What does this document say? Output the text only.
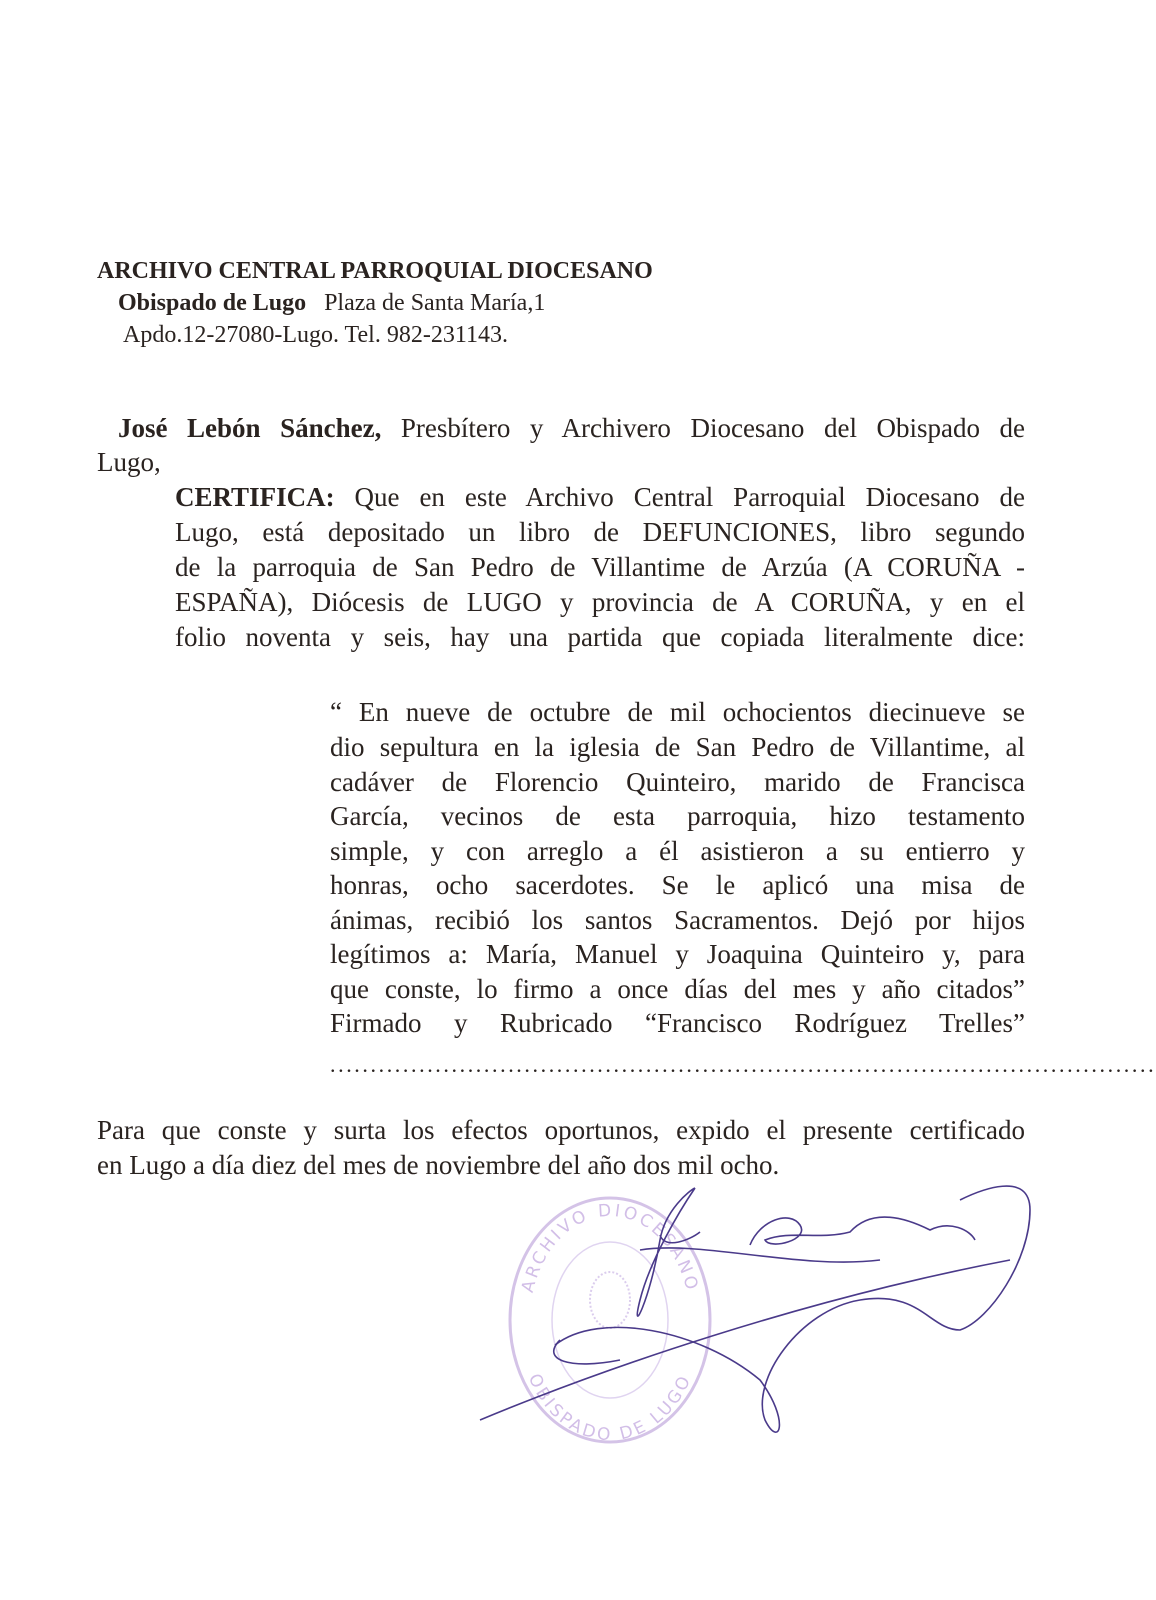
ARCHIVO CENTRAL PARROQUIAL DIOCESANO
Obispado de Lugo Plaza de Santa María,1
Apdo.12-27080-Lugo. Tel. 982-231143.
José Lebón Sánchez, Presbítero y Archivero Diocesano del Obispado de
Lugo,
CERTIFICA: Que en este Archivo Central Parroquial Diocesano de
Lugo, está depositado un libro de DEFUNCIONES, libro segundo
de la parroquia de San Pedro de Villantime de Arzúa (A CORUÑA -
ESPAÑA), Diócesis de LUGO y provincia de A CORUÑA, y en el
folio noventa y seis, hay una partida que copiada literalmente dice:
“ En nueve de octubre de mil ochocientos diecinueve se
dio sepultura en la iglesia de San Pedro de Villantime, al
cadáver de Florencio Quinteiro, marido de Francisca
García, vecinos de esta parroquia, hizo testamento
simple, y con arreglo a él asistieron a su entierro y
honras, ocho sacerdotes. Se le aplicó una misa de
ánimas, recibió los santos Sacramentos. Dejó por hijos
legítimos a: María, Manuel y Joaquina Quinteiro y, para
que conste, lo firmo a once días del mes y año citados”
Firmado y Rubricado “Francisco Rodríguez Trelles”
......................................................................................................
Para que conste y surta los efectos oportunos, expido el presente certificado
en Lugo a día diez del mes de noviembre del año dos mil ocho.
ARCHIVO DIOCESANO
OBISPADO DE LUGO
